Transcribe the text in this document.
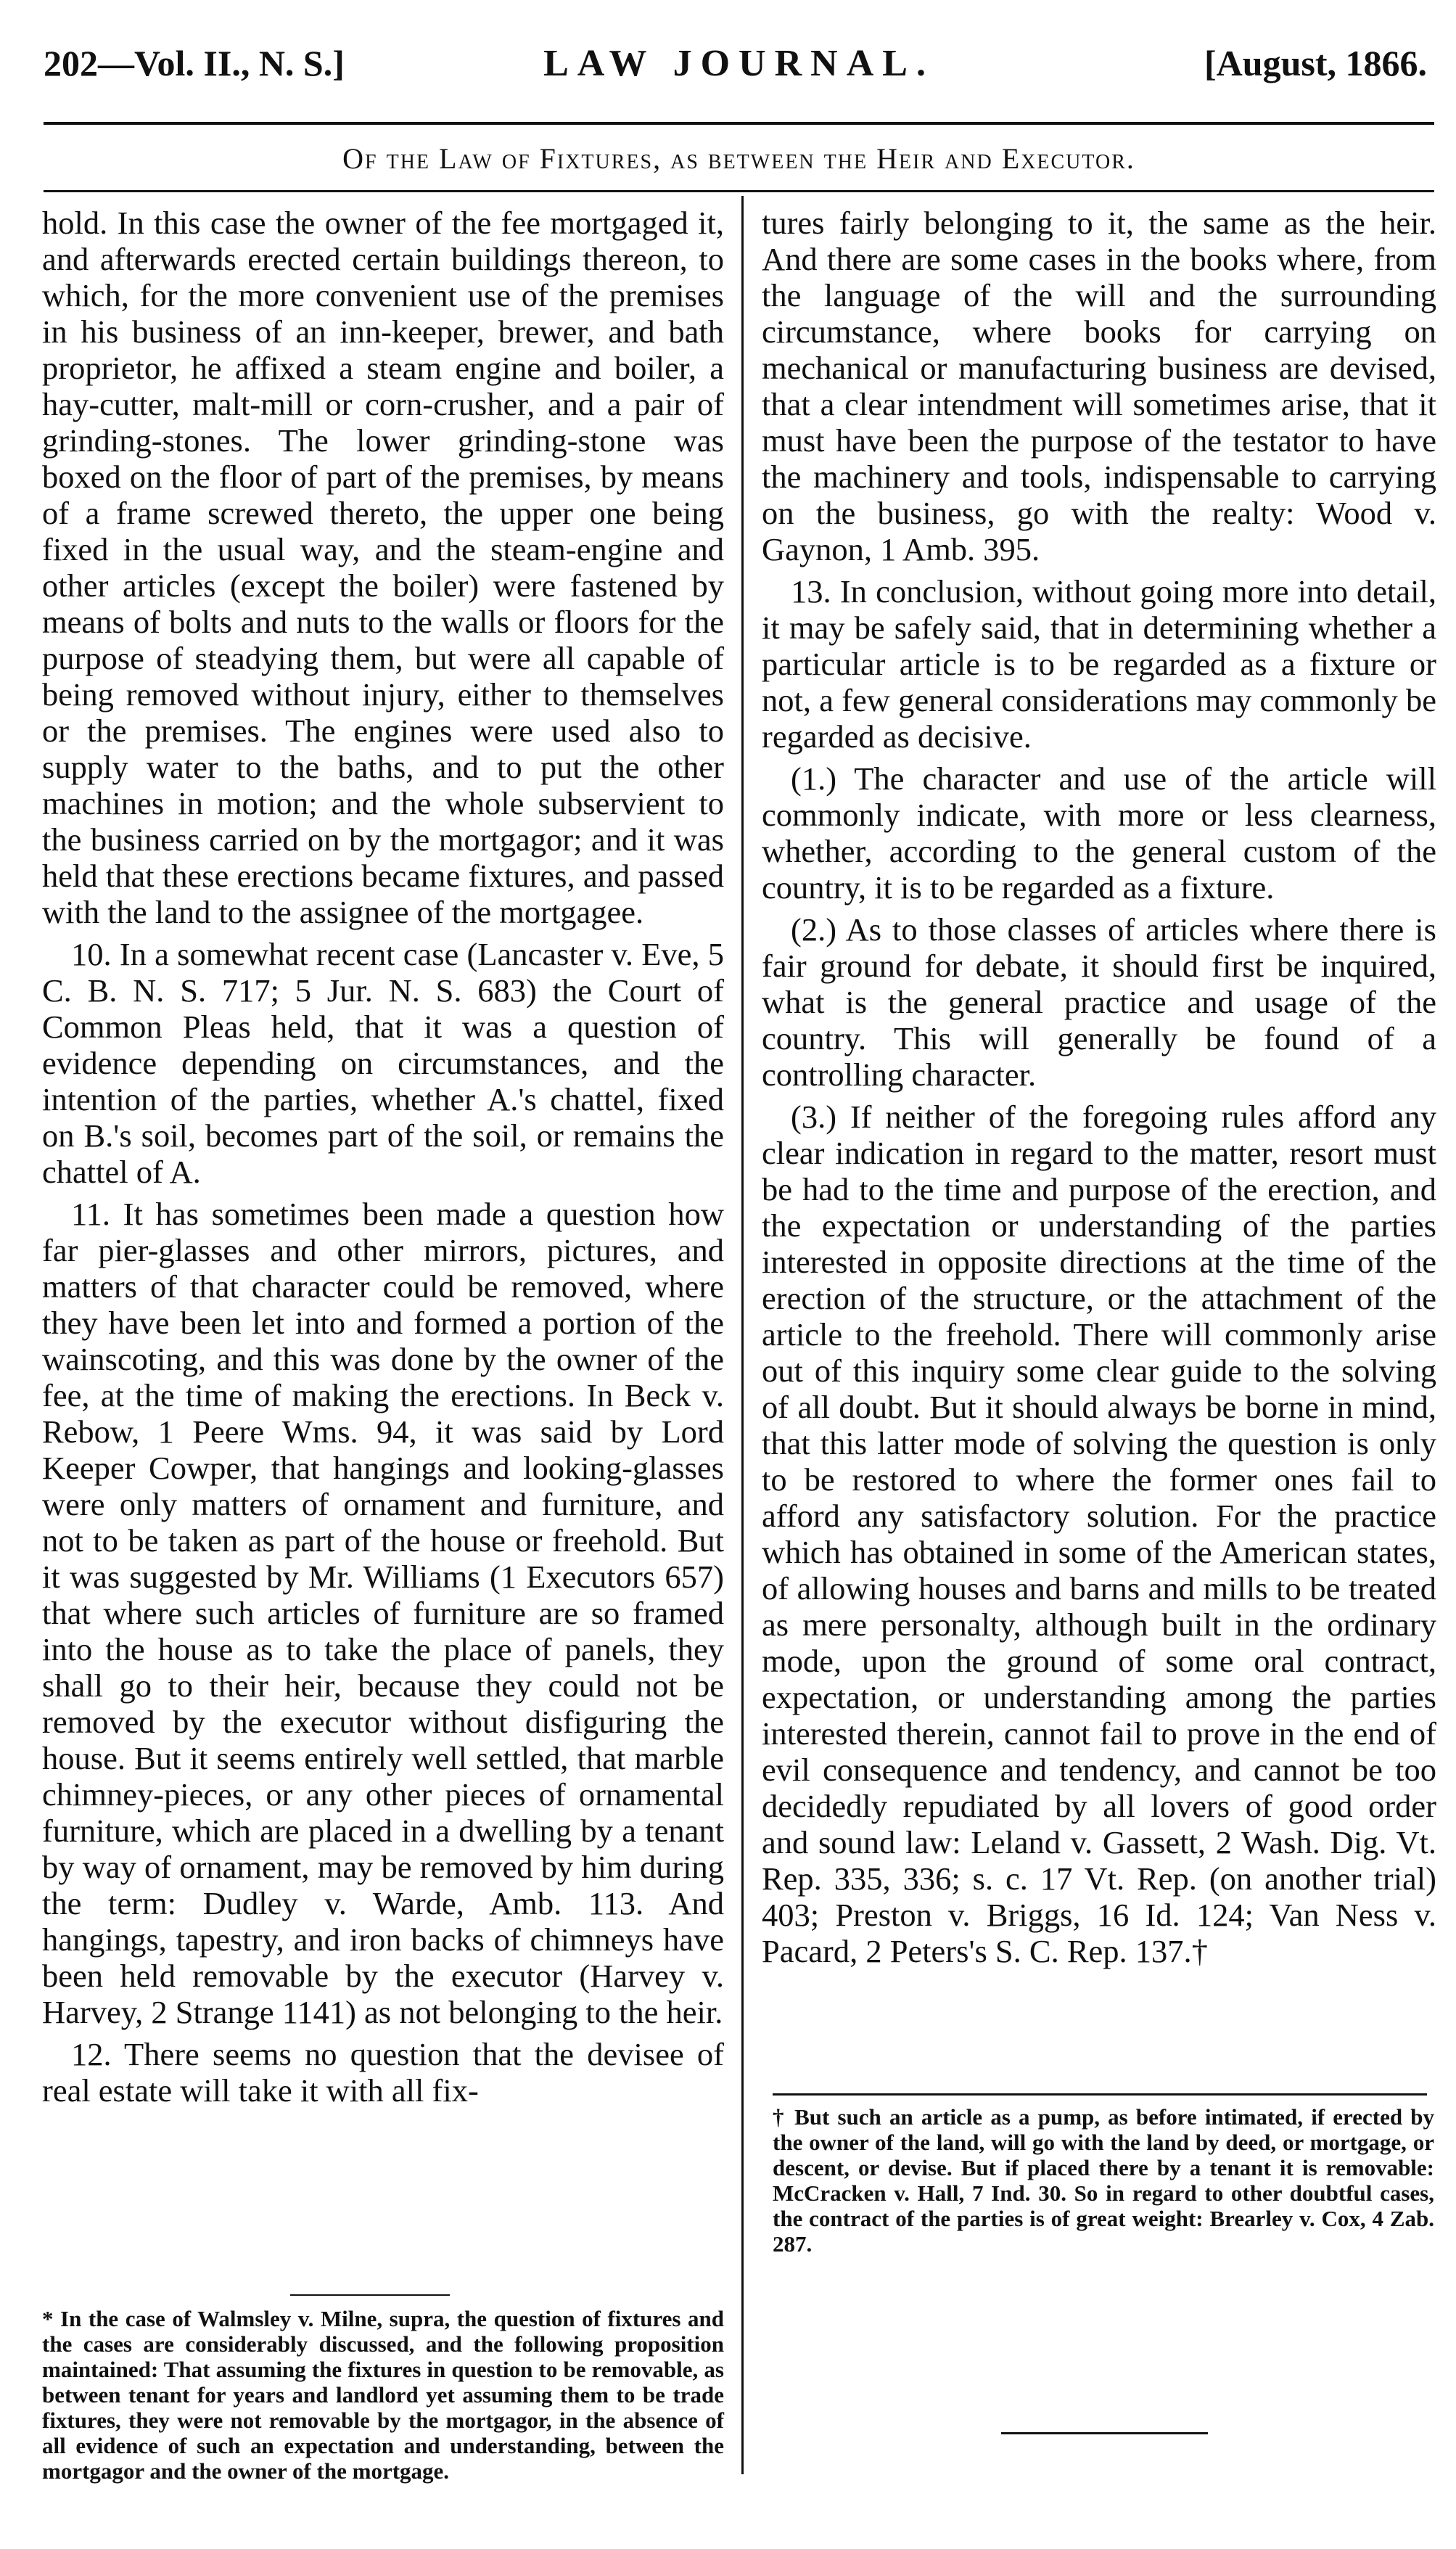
202—Vol. II., N. S.]	LAW JOURNAL.	[August, 1866.
Of the Law of Fixtures, as between the Heir and Executor.

hold. In this case the owner of the fee mortgaged it, and afterwards erected certain buildings thereon, to which, for the more convenient use of the premises in his business of an inn-keeper, brewer, and bath proprietor, he affixed a steam engine and boiler, a hay-cutter, malt-mill or corn-crusher, and a pair of grinding-stones. The lower grinding-stone was boxed on the floor of part of the premises, by means of a frame screwed thereto, the upper one being fixed in the usual way, and the steam-engine and other articles (except the boiler) were fastened by means of bolts and nuts to the walls or floors for the purpose of steadying them, but were all capable of being removed without injury, either to themselves or the premises. The engines were used also to supply water to the baths, and to put the other machines in motion; and the whole subservient to the business carried on by the mortgagor; and it was held that these erections became fixtures, and passed with the land to the assignee of the mortgagee.

10. In a somewhat recent case (Lancaster v. Eve, 5 C. B. N. S. 717; 5 Jur. N. S. 683) the Court of Common Pleas held, that it was a question of evidence depending on circumstances, and the intention of the parties, whether A.'s chattel, fixed on B.'s soil, becomes part of the soil, or remains the chattel of A.

11. It has sometimes been made a question how far pier-glasses and other mirrors, pictures, and matters of that character could be removed, where they have been let into and formed a portion of the wainscoting, and this was done by the owner of the fee, at the time of making the erections. In Beck v. Rebow, 1 Peere Wms. 94, it was said by Lord Keeper Cowper, that hangings and looking-glasses were only matters of ornament and furniture, and not to be taken as part of the house or freehold. But it was suggested by Mr. Williams (1 Executors 657) that where such articles of furniture are so framed into the house as to take the place of panels, they shall go to their heir, because they could not be removed by the executor without disfiguring the house. But it seems entirely well settled, that marble chimney-pieces, or any other pieces of ornamental furniture, which are placed in a dwelling by a tenant by way of ornament, may be removed by him during the term: Dudley v. Warde, Amb. 113. And hangings, tapestry, and iron backs of chimneys have been held removable by the executor (Harvey v. Harvey, 2 Strange 1141) as not belonging to the heir.

12. There seems no question that the devisee of real estate will take it with all fix-

tures fairly belonging to it, the same as the heir. And there are some cases in the books where, from the language of the will and the surrounding circumstance, where books for carrying on mechanical or manufacturing business are devised, that a clear intendment will sometimes arise, that it must have been the purpose of the testator to have the machinery and tools, indispensable to carrying on the business, go with the realty: Wood v. Gaynon, 1 Amb. 395.

13. In conclusion, without going more into detail, it may be safely said, that in determining whether a particular article is to be regarded as a fixture or not, a few general considerations may commonly be regarded as decisive.

(1.) The character and use of the article will commonly indicate, with more or less clearness, whether, according to the general custom of the country, it is to be regarded as a fixture.

(2.) As to those classes of articles where there is fair ground for debate, it should first be inquired, what is the general practice and usage of the country. This will generally be found of a controlling character.

(3.) If neither of the foregoing rules afford any clear indication in regard to the matter, resort must be had to the time and purpose of the erection, and the expectation or understanding of the parties interested in opposite directions at the time of the erection of the structure, or the attachment of the article to the freehold. There will commonly arise out of this inquiry some clear guide to the solving of all doubt. But it should always be borne in mind, that this latter mode of solving the question is only to be restored to where the former ones fail to afford any satisfactory solution. For the practice which has obtained in some of the American states, of allowing houses and barns and mills to be treated as mere personalty, although built in the ordinary mode, upon the ground of some oral contract, expectation, or understanding among the parties interested therein, cannot fail to prove in the end of evil consequence and tendency, and cannot be too decidedly repudiated by all lovers of good order and sound law: Leland v. Gassett, 2 Wash. Dig. Vt. Rep. 335, 336; s. c. 17 Vt. Rep. (on another trial) 403; Preston v. Briggs, 16 Id. 124; Van Ness v. Pacard, 2 Peters's S. C. Rep. 137.†

* In the case of Walmsley v. Milne, supra, the question of fixtures and the cases are considerably discussed, and the following proposition maintained: That assuming the fixtures in question to be removable, as between tenant for years and landlord yet assuming them to be trade fixtures, they were not removable by the mortgagor, in the absence of all evidence of such an expectation and understanding, between the mortgagor and the owner of the mortgage.
† But such an article as a pump, as before intimated, if erected by the owner of the land, will go with the land by deed, or mortgage, or descent, or devise. But if placed there by a tenant it is removable: McCracken v. Hall, 7 Ind. 30. So in regard to other doubtful cases, the contract of the parties is of great weight: Brearley v. Cox, 4 Zab. 287.
